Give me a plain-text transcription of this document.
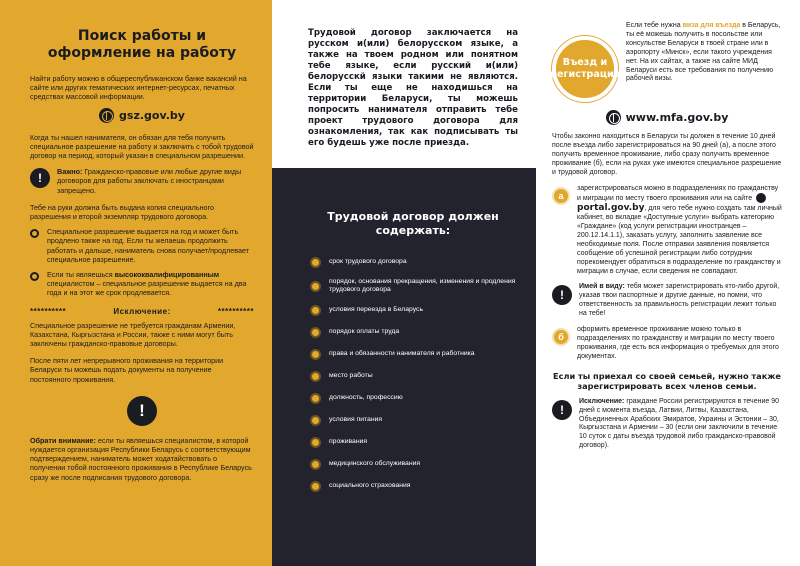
Поиск работы и оформление на работу

Найти работу можно в общереспубликанском банке вакансий на сайте или других тематических интернет-ресурсах, печатных средствах массовой информации.

gsz.gov.by

Когда ты нашел нанимателя, он обязан для тебя получить специальное разрешение на работу и заключить с тобой трудовой договор на период, который указан в специальном разрешении.

!	Важно: Гражданско-правовые или любые другие виды договоров для работы заключать с иностранцами запрещено.

Тебе на руки должна быть выдана копия специального разрешения и второй экземпляр трудового договора.

Специальное разрешение выдается на год и может быть продлено также на год. Если ты желаешь продолжить работать и дальше, наниматель снова получает/продлевает специальное разрешение.

Если ты являешься высококвалифицированным специалистом – специальное разрешение выдается на два года и на этот же срок продлевается.

**********	Исключение:	**********

Специальное разрешение не требуется гражданам Армении, Казахстана, Кыргызстана и России, также с ними могут быть заключены гражданско-правовые договоры.

После пяти лет непрерывного проживания на территории Беларуси ты можешь подать документы на получение постоянного проживания.

!

Обрати внимание: если ты являешься специалистом, в которой нуждается организация Республики Беларусь с соответствующим подтверждением, наниматель может ходатайствовать о получении тобой постоянного проживания в Республике Беларусь сразу же после подписания трудового договора.

Трудовой договор заключается на русском и(или) белорусском языке, а также на твоем родном или понятном тебе языке, если русский и(или) белорусскй языки такими не являются. Если ты еще не находишься на территории Беларуси, ты можешь попросить нанимателя отправить тебе проект трудового договора для ознакомления, так как подписывать ты его будешь уже после приезда.

Трудовой договор должен содержать:
срок трудового договора
порядок, основания прекращения, изменения и продления трудового договора
условия переезда в Беларусь
порядок оплаты труда
права и обязанности нанимателя и работника
место работы
должность, профессию
условия питания
проживания
медицинского обслуживания
социального страхования
Въезд и регистрация

Если тебе нужна виза для въезда в Беларусь, ты её можешь получить в посольстве или консульстве Беларуси в твоей стране или в аэропорту «Минск», если такого учреждения нет. На их сайтах, а также на сайте МИД Беларуси есть все требования по получению рабочей визы.

www.mfa.gov.by

Чтобы законно находиться в Беларуси ты должен в течение 10 дней после въезда либо зарегистрироваться на 90 дней (а), а после этого получить временное проживание, либо сразу получить временное проживание (б), если на руках уже имеются специальное разрешение и трудовой договор.

а

зарегистрироваться можно в подразделениях по гражданству и миграции по месту твоего проживания или на сайте portal.gov.by, для чего тебе нужно создать там личный кабинет, во вкладке «Доступные услуги» выбрать категорию «Граждане» (код услуги регистрации иностранцев – 200.12.14.1.1), заказать услугу, заполнить заявление все необходимые поля. После отправки заявления появляется сообщение об успешной регистрации либо сотрудник порекомендует обратиться в подразделение по гражданству и миграции в случае, если сведения не совпадают.

!

Имей в виду: тебя может зарегистрировать кто-либо другой, указав твои паспортные и другие данные, но помни, что ответственность за правильность регистрации лежит только на тебе!

б

оформить временное проживание можно только в подразделениях по гражданству и миграции по месту твоего проживания, где есть вся информация о требуемых для этого документах.

Если ты приехал со своей семьей, нужно также зарегистрировать всех членов семьи.
!

Исключение: граждане России регистрируются в течение 90 дней с момента въезда, Латвии, Литвы, Казахстана, Объединенных Арабских Эмиратов, Украины и Эстонии – 30, Кыргызстана и Армении – 30 (если они заключили в течение 10 суток с даты въезда трудовой либо гражданско-правовой договор).
